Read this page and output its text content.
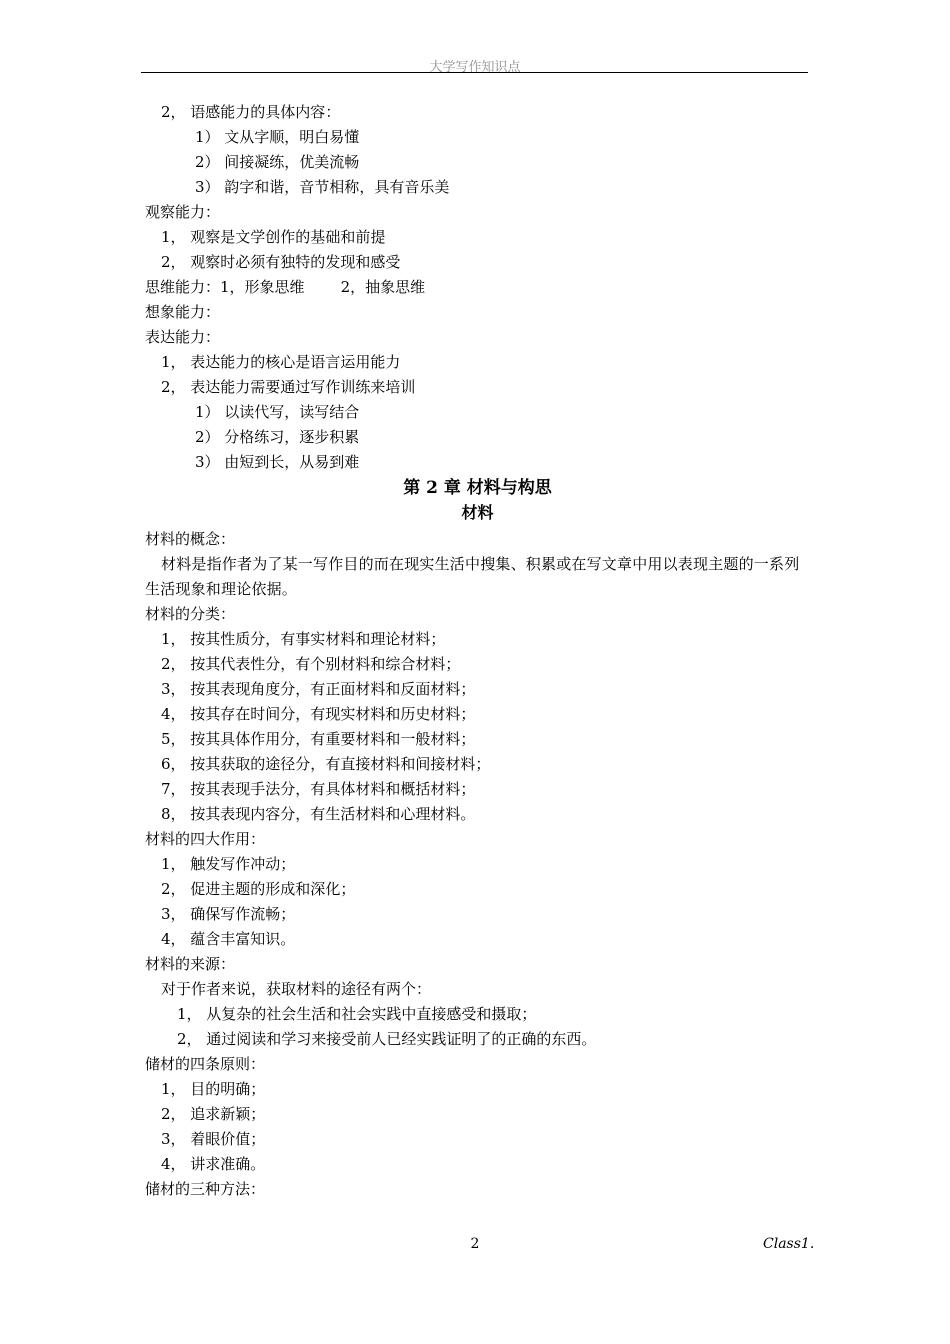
大学写作知识点
2， 语感能力的具体内容：
1） 文从字顺，明白易懂
2） 间接凝练，优美流畅
3） 韵字和谐，音节相称，具有音乐美
观察能力：
1， 观察是文学创作的基础和前提
2， 观察时必须有独特的发现和感受
思维能力：1，形象思维 2，抽象思维
想象能力：
表达能力：
1， 表达能力的核心是语言运用能力
2， 表达能力需要通过写作训练来培训
1） 以读代写，读写结合
2） 分格练习，逐步积累
3） 由短到长，从易到难
第 2 章 材料与构思
材料
材料的概念：
材料是指作者为了某一写作目的而在现实生活中搜集、积累或在写文章中用以表现主题的一系列生活现象和理论依据。
材料的分类：
1， 按其性质分，有事实材料和理论材料；
2， 按其代表性分，有个别材料和综合材料；
3， 按其表现角度分，有正面材料和反面材料；
4， 按其存在时间分，有现实材料和历史材料；
5， 按其具体作用分，有重要材料和一般材料；
6， 按其获取的途径分，有直接材料和间接材料；
7， 按其表现手法分，有具体材料和概括材料；
8， 按其表现内容分，有生活材料和心理材料。
材料的四大作用：
1， 触发写作冲动；
2， 促进主题的形成和深化；
3， 确保写作流畅；
4， 蕴含丰富知识。
材料的来源：
对于作者来说，获取材料的途径有两个：
1， 从复杂的社会生活和社会实践中直接感受和摄取；
2， 通过阅读和学习来接受前人已经实践证明了的正确的东西。
储材的四条原则：
1， 目的明确；
2， 追求新颖；
3， 着眼价值；
4， 讲求准确。
储材的三种方法：
2	Class1.
